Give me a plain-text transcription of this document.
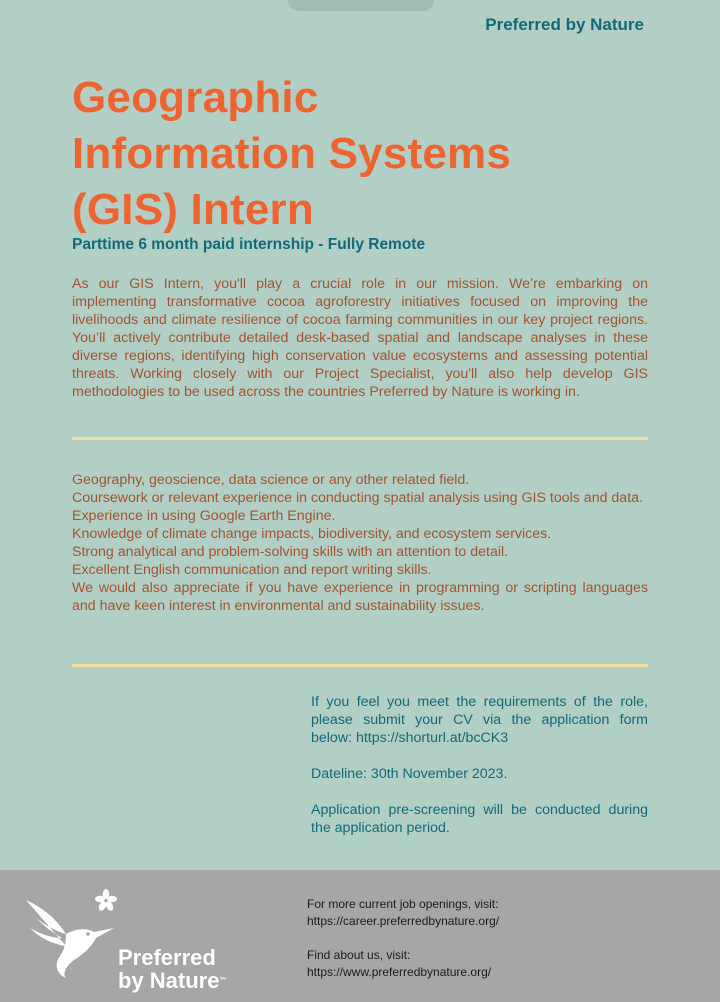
Preferred by Nature
Geographic
Information Systems
(GIS) Intern
Parttime 6 month paid internship - Fully Remote

As our GIS Intern, you'll play a crucial role in our mission. We’re embarking on implementing transformative cocoa agroforestry initiatives focused on improving the livelihoods and climate resilience of cocoa farming communities in our key project regions. You’ll actively contribute detailed desk-based spatial and landscape analyses in these diverse regions, identifying high conservation value ecosystems and assessing potential threats. Working closely with our Project Specialist, you'll also help develop GIS methodologies to be used across the countries Preferred by Nature is working in.

Geography, geoscience, data science or any other related field.

Coursework or relevant experience in conducting spatial analysis using GIS tools and data.

Experience in using Google Earth Engine.

Knowledge of climate change impacts, biodiversity, and ecosystem services.

Strong analytical and problem-solving skills with an attention to detail.

Excellent English communication and report writing skills.

We would also appreciate if you have experience in programming or scripting languages and have keen interest in environmental and sustainability issues.

If you feel you meet the requirements of the role, please submit your CV via the application form below: https://shorturl.at/bcCK3

Dateline: 30th November 2023.

Application pre-screening will be conducted during the application period.

Preferred
by Nature™

For more current job openings, visit:
https://career.preferredbynature.org/

Find about us, visit:
https://www.preferredbynature.org/
